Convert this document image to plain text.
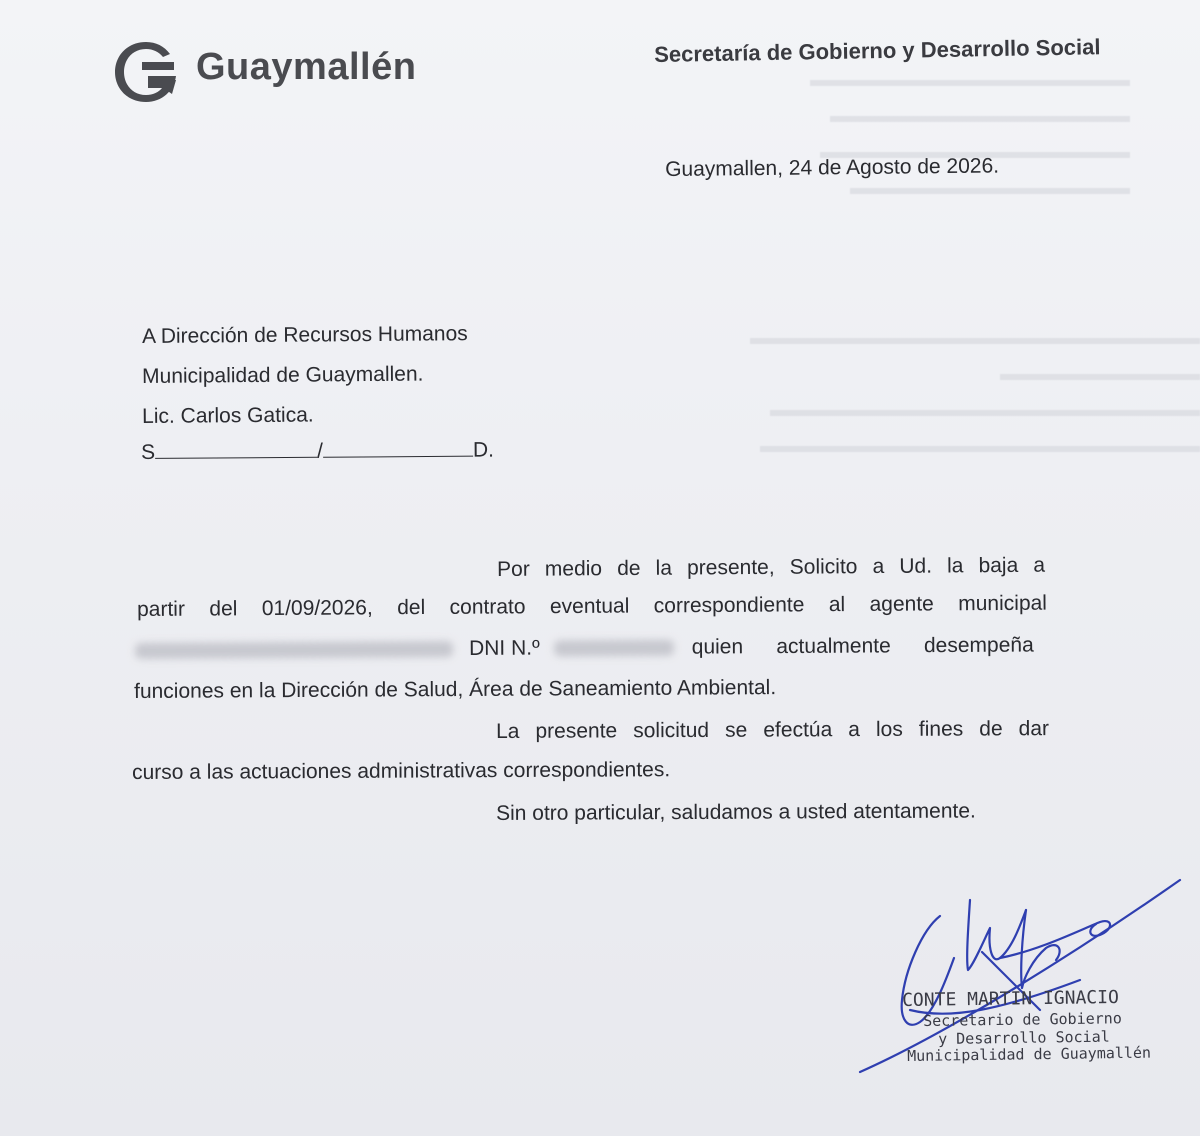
Guaymallén	Secretaría de Gobierno y Desarrollo Social
Guaymallen, 24 de Agosto de 2026.
A Dirección de Recursos Humanos
Municipalidad de Guaymallen.
Lic. Carlos Gatica.
S	/	D.
Por medio de la presente, Solicito a Ud. la baja a
partir del 01/09/2026, del contrato eventual correspondiente al agente municipal
DNI N.º	quien actualmente desempeña
funciones en la Dirección de Salud, Área de Saneamiento Ambiental.
La presente solicitud se efectúa a los fines de dar
curso a las actuaciones administrativas correspondientes.
Sin otro particular, saludamos a usted atentamente.
CONTE MARTIN IGNACIO
Secretario de Gobierno
y Desarrollo Social
Municipalidad de Guaymallén
